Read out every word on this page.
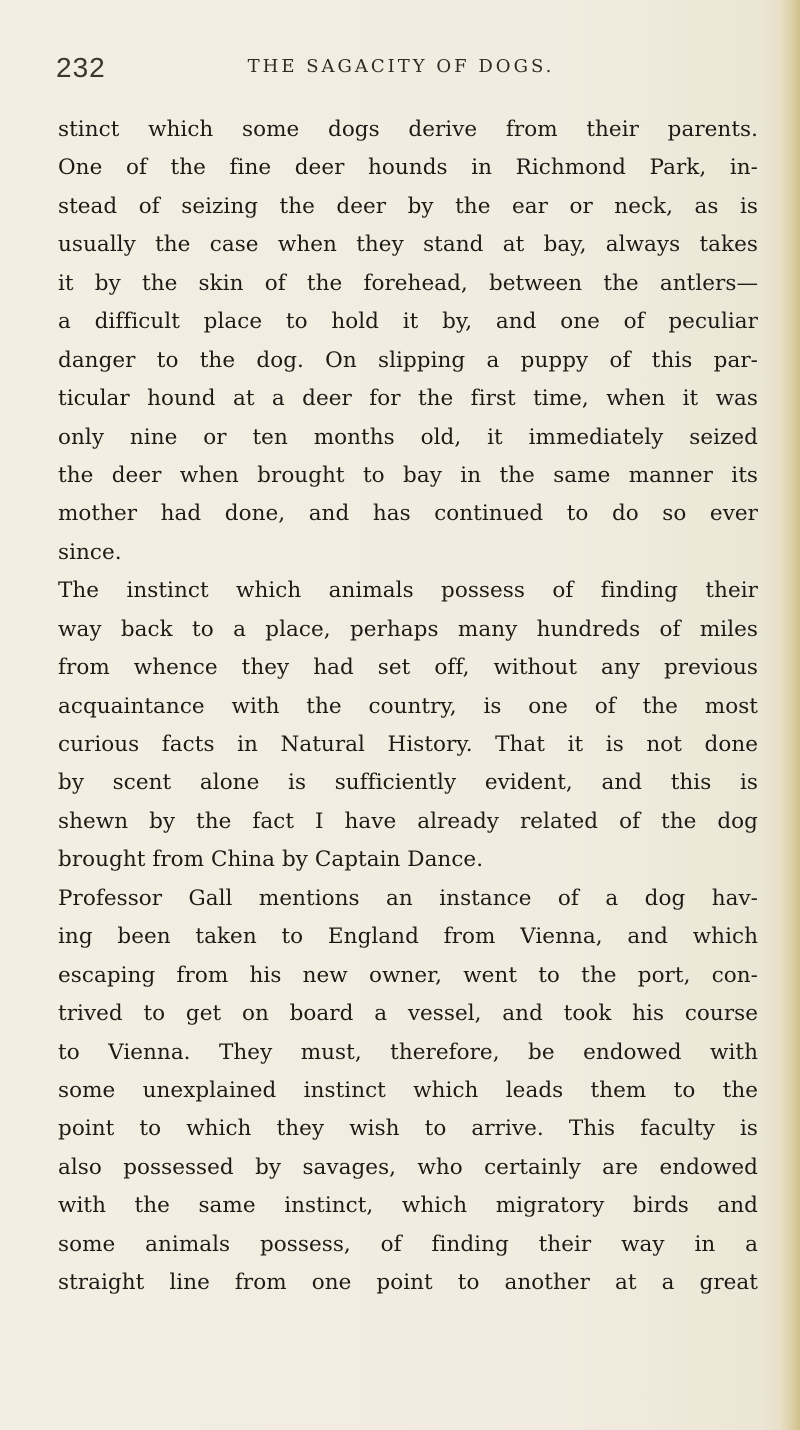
232	THE SAGACITY OF DOGS.
stinct which some dogs derive from their parents.
One of the fine deer hounds in Richmond Park, in-
stead of seizing the deer by the ear or neck, as is
usually the case when they stand at bay, always takes
it by the skin of the forehead, between the antlers—
a difficult place to hold it by, and one of peculiar
danger to the dog. On slipping a puppy of this par-
ticular hound at a deer for the first time, when it was
only nine or ten months old, it immediately seized
the deer when brought to bay in the same manner its
mother had done, and has continued to do so ever
since.
The instinct which animals possess of finding their
way back to a place, perhaps many hundreds of miles
from whence they had set off, without any previous
acquaintance with the country, is one of the most
curious facts in Natural History. That it is not done
by scent alone is sufficiently evident, and this is
shewn by the fact I have already related of the dog
brought from China by Captain Dance.
Professor Gall mentions an instance of a dog hav-
ing been taken to England from Vienna, and which
escaping from his new owner, went to the port, con-
trived to get on board a vessel, and took his course
to Vienna. They must, therefore, be endowed with
some unexplained instinct which leads them to the
point to which they wish to arrive. This faculty is
also possessed by savages, who certainly are endowed
with the same instinct, which migratory birds and
some animals possess, of finding their way in a
straight line from one point to another at a great
